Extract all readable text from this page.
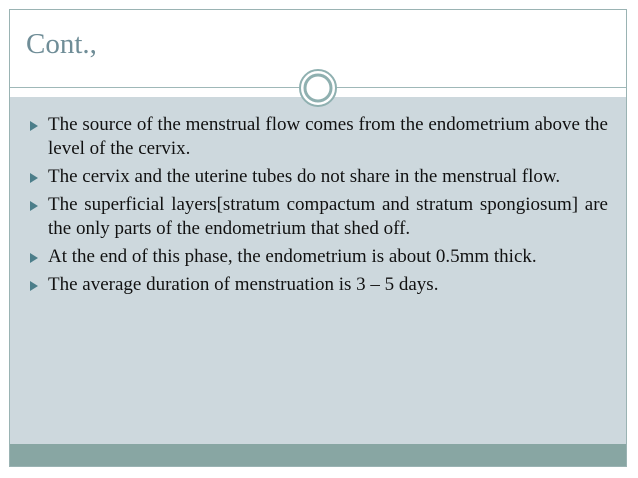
Cont.,
The source of the menstrual flow comes from the endometrium above the level of the cervix.
The cervix and the uterine tubes do not share in the menstrual flow.
The superficial layers[stratum compactum and stratum spongiosum] are the only parts of the endometrium that shed off.
At the end of this phase, the endometrium is about 0.5mm thick.
The average duration of menstruation is 3 – 5 days.
